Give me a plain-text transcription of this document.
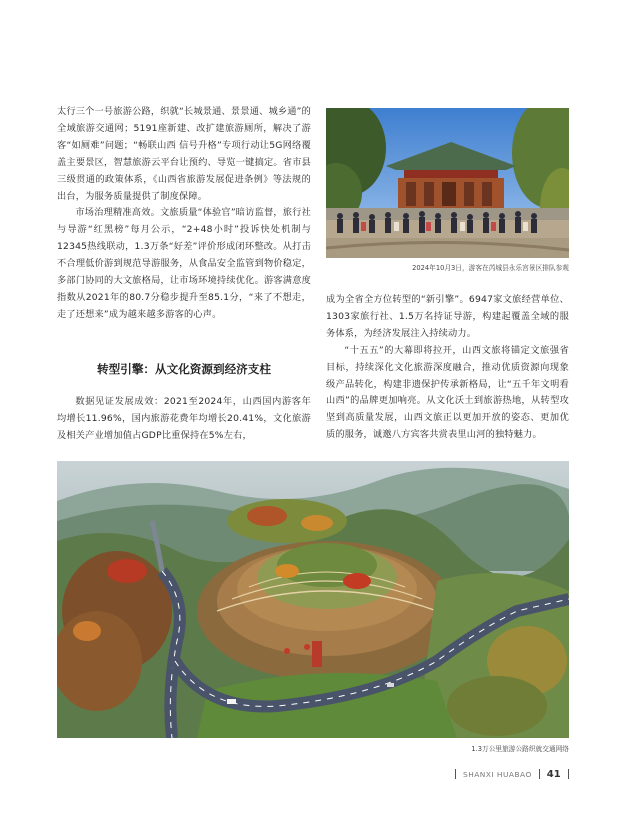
太行三个一号旅游公路，织就“长城景通、景景通、城乡通”的全域旅游交通网；5191座新建、改扩建旅游厕所，解决了游客“如厕难”问题；“畅联山西 信号升格”专项行动让5G网络覆盖主要景区，智慧旅游云平台让预约、导览一键搞定。省市县三级贯通的政策体系，《山西省旅游发展促进条例》等法规的出台，为服务质量提供了制度保障。

市场治理精准高效。文旅质量“体验官”暗访监督，旅行社与导游“红黑榜”每月公示，“2+48小时”投诉快处机制与12345热线联动，1.3万条“好差”评价形成闭环整改。从打击不合理低价游到规范导游服务，从食品安全监管到物价稳定，多部门协同的大文旅格局，让市场环境持续优化。游客满意度指数从2021年的80.7分稳步提升至85.1分，“来了不想走，走了还想来”成为越来越多游客的心声。

转型引擎：从文化资源到经济支柱

数据见证发展成效：2021至2024年，山西国内游客年均增长11.96%，国内旅游花费年均增长20.41%，文化旅游及相关产业增加值占GDP比重保持在5%左右，

2024年10月3日，游客在芮城县永乐宫景区排队参观

成为全省全方位转型的“新引擎”。6947家文旅经营单位、1303家旅行社、1.5万名持证导游，构建起覆盖全域的服务体系，为经济发展注入持续动力。

“十五五”的大幕即将拉开，山西文旅将锚定文旅强省目标，持续深化文化旅游深度融合，推动优质资源向现象级产品转化，构建非遗保护传承新格局，让“五千年文明看山西”的品牌更加响亮。从文化沃土到旅游热地，从转型攻坚到高质量发展，山西文旅正以更加开放的姿态、更加优质的服务，诚邀八方宾客共赏表里山河的独特魅力。

1.3万公里旅游公路织就交通网络
SHANXI HUABAO 41
